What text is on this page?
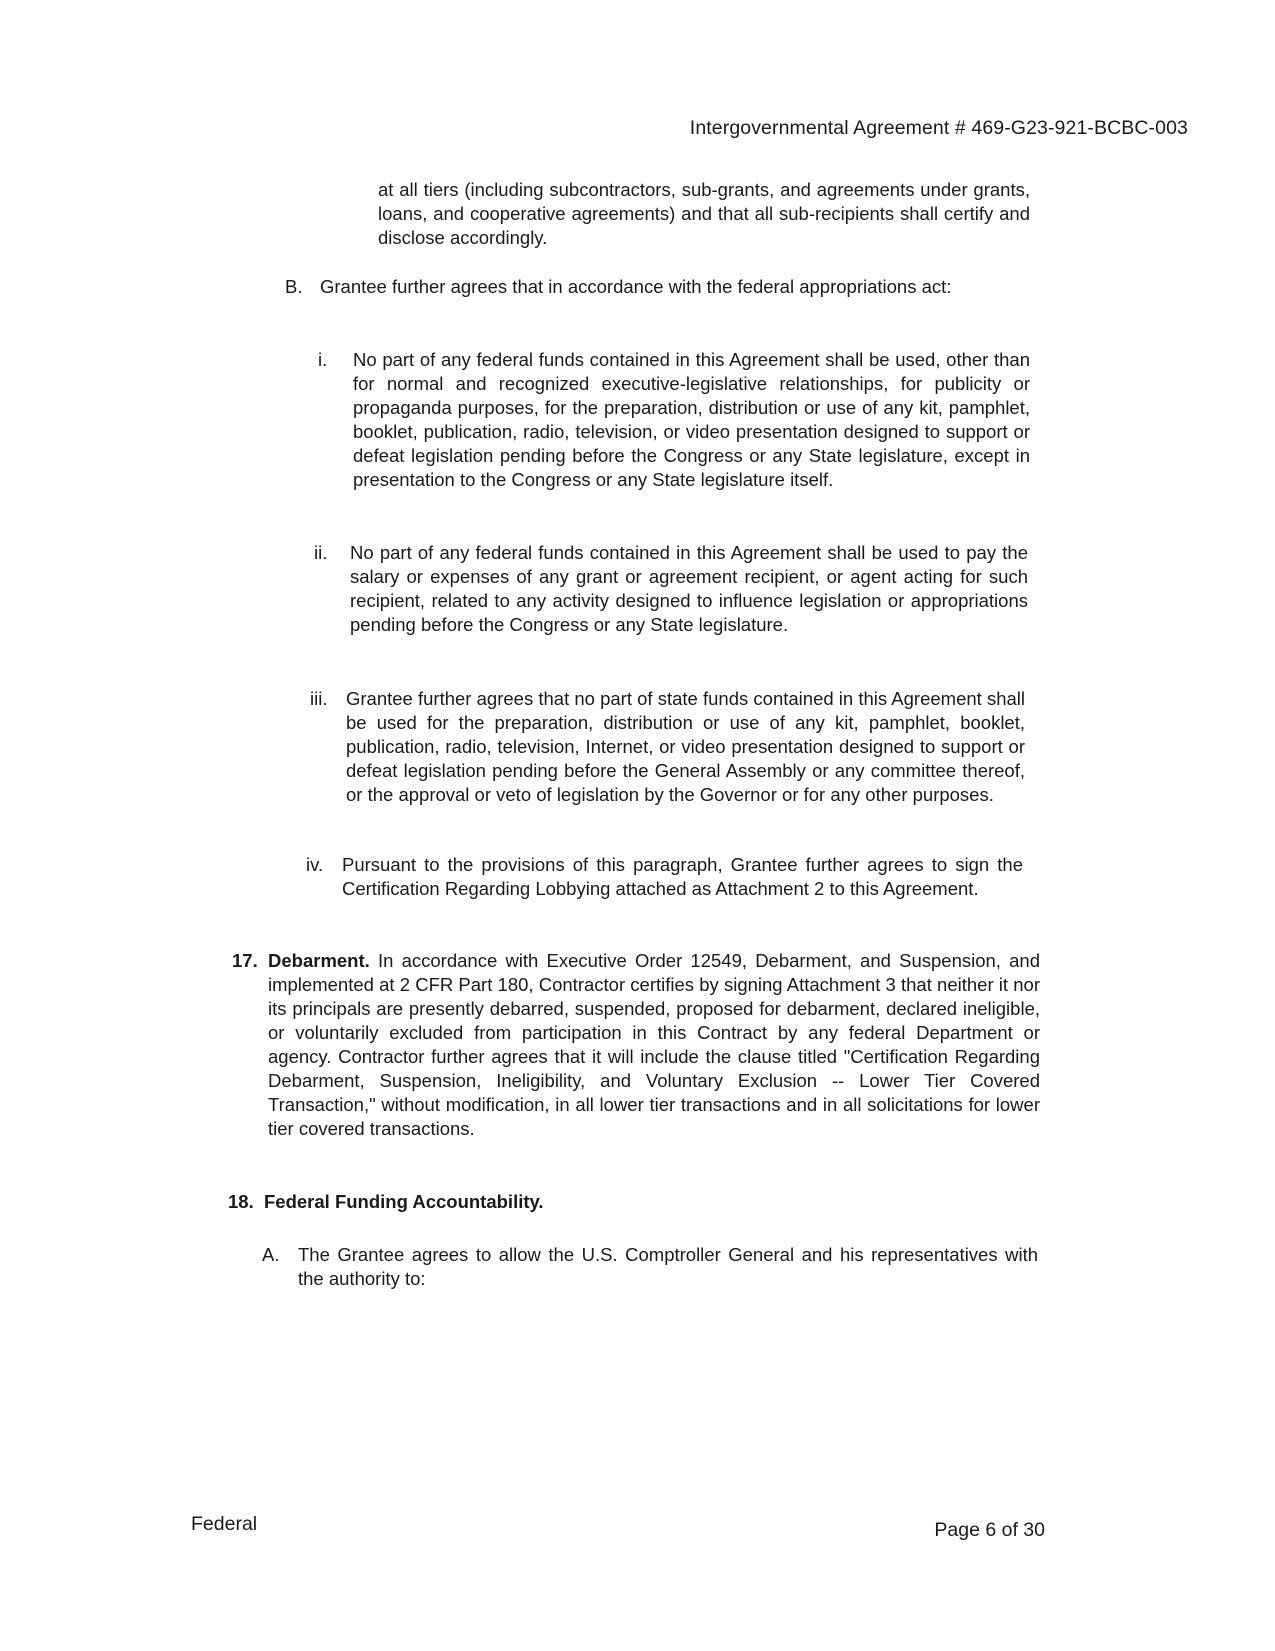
Intergovernmental Agreement # 469-G23-921-BCBC-003
at all tiers (including subcontractors, sub-grants, and agreements under grants, loans, and cooperative agreements) and that all sub-recipients shall certify and disclose accordingly.
B. Grantee further agrees that in accordance with the federal appropriations act:
i. No part of any federal funds contained in this Agreement shall be used, other than for normal and recognized executive-legislative relationships, for publicity or propaganda purposes, for the preparation, distribution or use of any kit, pamphlet, booklet, publication, radio, television, or video presentation designed to support or defeat legislation pending before the Congress or any State legislature, except in presentation to the Congress or any State legislature itself.
ii. No part of any federal funds contained in this Agreement shall be used to pay the salary or expenses of any grant or agreement recipient, or agent acting for such recipient, related to any activity designed to influence legislation or appropriations pending before the Congress or any State legislature.
iii. Grantee further agrees that no part of state funds contained in this Agreement shall be used for the preparation, distribution or use of any kit, pamphlet, booklet, publication, radio, television, Internet, or video presentation designed to support or defeat legislation pending before the General Assembly or any committee thereof, or the approval or veto of legislation by the Governor or for any other purposes.
iv. Pursuant to the provisions of this paragraph, Grantee further agrees to sign the Certification Regarding Lobbying attached as Attachment 2 to this Agreement.
17. Debarment. In accordance with Executive Order 12549, Debarment, and Suspension, and implemented at 2 CFR Part 180, Contractor certifies by signing Attachment 3 that neither it nor its principals are presently debarred, suspended, proposed for debarment, declared ineligible, or voluntarily excluded from participation in this Contract by any federal Department or agency. Contractor further agrees that it will include the clause titled "Certification Regarding Debarment, Suspension, Ineligibility, and Voluntary Exclusion -- Lower Tier Covered Transaction," without modification, in all lower tier transactions and in all solicitations for lower tier covered transactions.
18. Federal Funding Accountability.
A. The Grantee agrees to allow the U.S. Comptroller General and his representatives with the authority to:
Federal	Page 6 of 30
